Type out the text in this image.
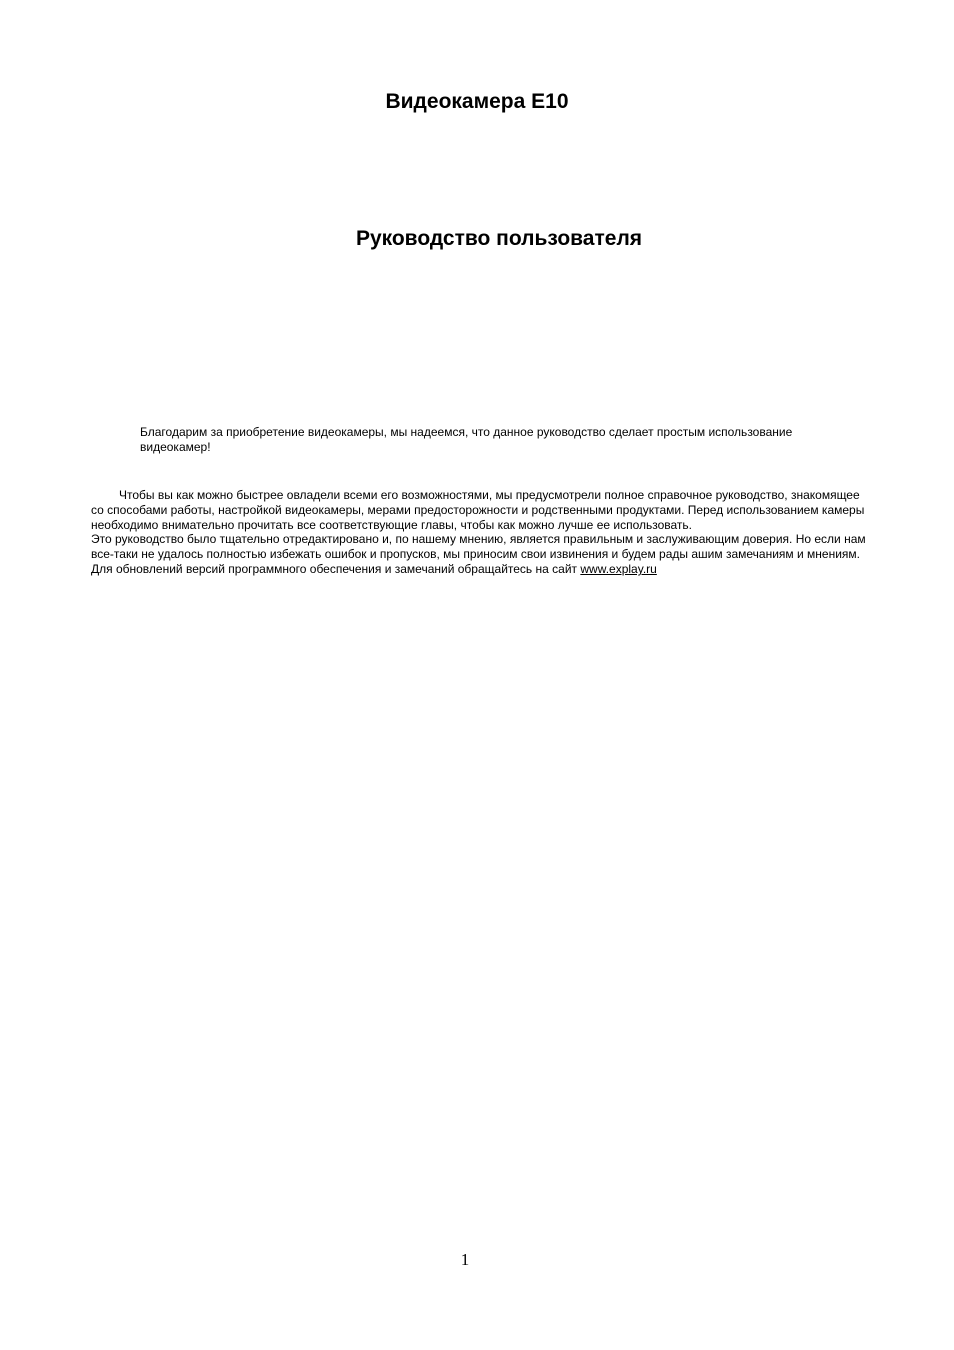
Видеокамера E10
Руководство пользователя

Благодарим за приобретение видеокамеры, мы надеемся, что данное руководство сделает простым использование видеокамер!

Чтобы вы как можно быстрее овладели всеми его возможностями, мы предусмотрели полное справочное руководство, знакомящее со способами работы, настройкой видеокамеры, мерами предосторожности и родственными продуктами. Перед использованием камеры необходимо внимательно прочитать все соответствующие главы, чтобы как можно лучше ее использовать.

Это руководство было тщательно отредактировано и, по нашему мнению, является правильным и заслуживающим доверия. Но если нам все-таки не удалось полностью избежать ошибок и пропусков, мы приносим свои извинения и будем рады ашим замечаниям и мнениям. Для обновлений версий программного обеспечения и замечаний обращайтесь на сайт www.explay.ru

1
